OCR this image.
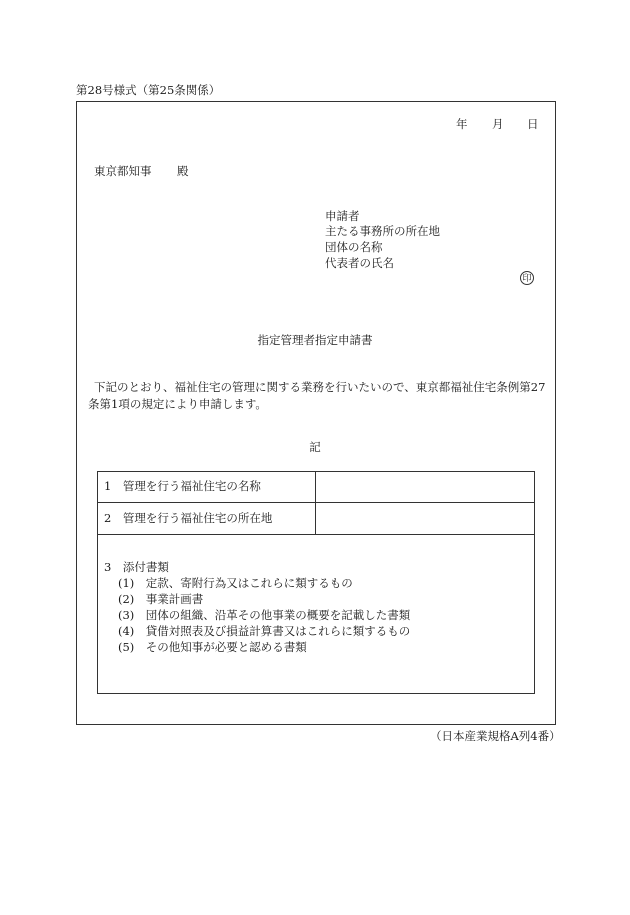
第28号様式（第25条関係）
年 月 日
東京都知事 殿
申請者
主たる事務所の所在地
団体の名称
代表者の氏名
印
指定管理者指定申請書
下記のとおり、福祉住宅の管理に関する業務を行いたいので、東京都福祉住宅条例第27条第1項の規定により申請します。
記
1　管理を行う福祉住宅の名称
2　管理を行う福祉住宅の所在地
3　添付書類
(1)　定款、寄附行為又はこれらに類するもの
(2)　事業計画書
(3)　団体の組織、沿革その他事業の概要を記載した書類
(4)　貸借対照表及び損益計算書又はこれらに類するもの
(5)　その他知事が必要と認める書類
（日本産業規格A列4番）
